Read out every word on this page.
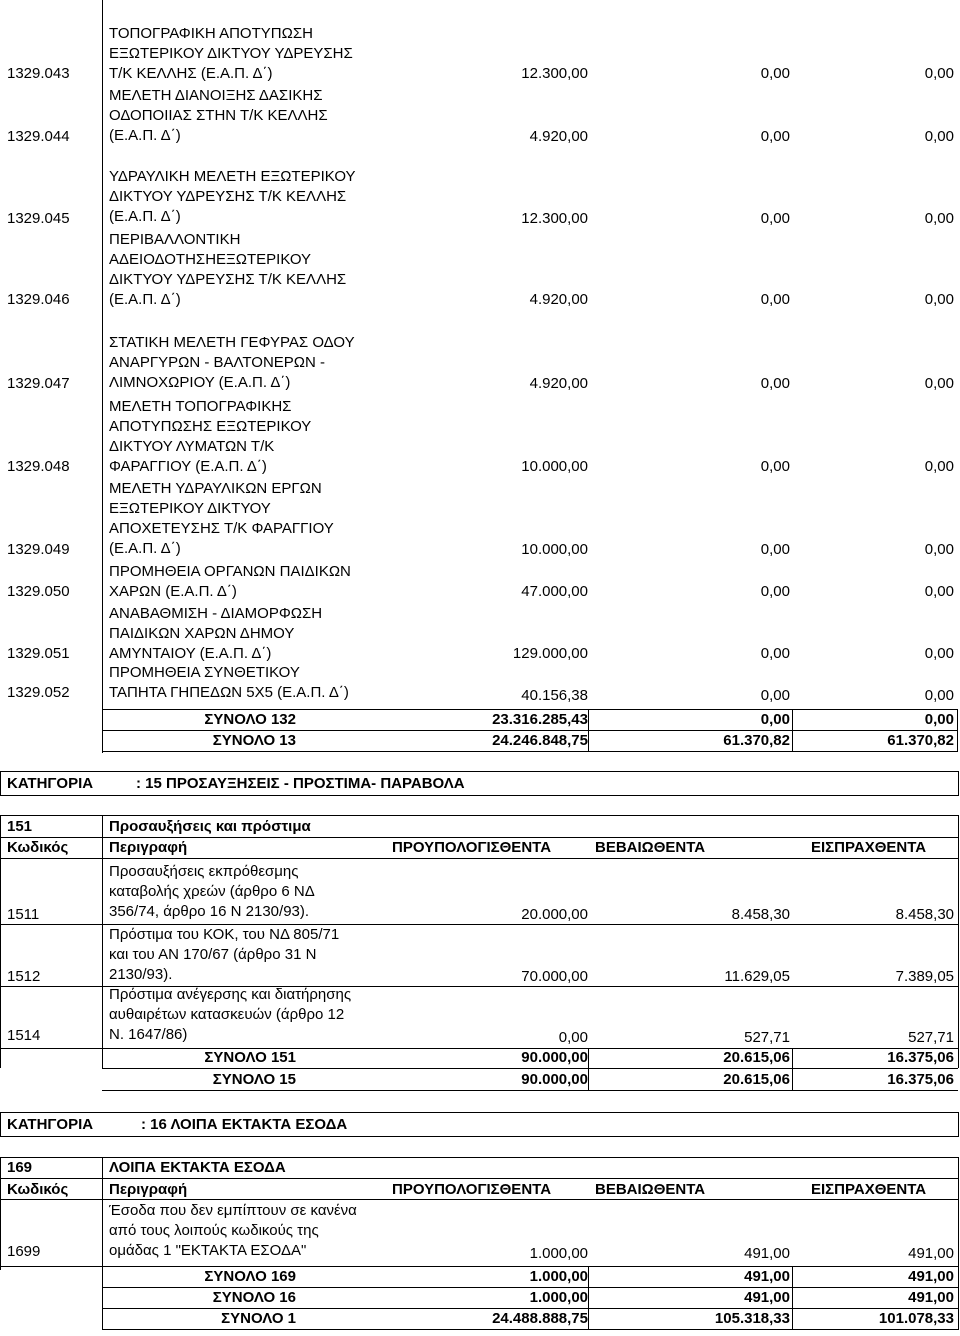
1329.043
ΤΟΠΟΓΡΑΦΙΚΗ ΑΠΟΤΥΠΩΣΗ
ΕΞΩΤΕΡΙΚΟΥ ΔΙΚΤΥΟΥ ΥΔΡΕΥΣΗΣ
Τ/Κ ΚΕΛΛΗΣ (Ε.Α.Π. Δ΄)	12.300,00	0,00	0,00
1329.044
ΜΕΛΕΤΗ ΔΙΑΝΟΙΞΗΣ ΔΑΣΙΚΗΣ
ΟΔΟΠΟΙΙΑΣ ΣΤΗΝ Τ/Κ ΚΕΛΛΗΣ
(Ε.Α.Π. Δ΄)	4.920,00	0,00	0,00
1329.045
ΥΔΡΑΥΛΙΚΗ ΜΕΛΕΤΗ ΕΞΩΤΕΡΙΚΟΥ
ΔΙΚΤΥΟΥ ΥΔΡΕΥΣΗΣ Τ/Κ ΚΕΛΛΗΣ
(Ε.Α.Π. Δ΄)	12.300,00	0,00	0,00
1329.046
ΠΕΡΙΒΑΛΛΟΝΤΙΚΗ
ΑΔΕΙΟΔΟΤΗΣΗΕΞΩΤΕΡΙΚΟΥ
ΔΙΚΤΥΟΥ ΥΔΡΕΥΣΗΣ Τ/Κ ΚΕΛΛΗΣ
(Ε.Α.Π. Δ΄)	4.920,00	0,00	0,00
1329.047
ΣΤΑΤΙΚΗ ΜΕΛΕΤΗ ΓΕΦΥΡΑΣ ΟΔΟΥ
ΑΝΑΡΓΥΡΩΝ - ΒΑΛΤΟΝΕΡΩΝ -
ΛΙΜΝΟΧΩΡΙΟΥ (Ε.Α.Π. Δ΄)	4.920,00	0,00	0,00
1329.048
ΜΕΛΕΤΗ ΤΟΠΟΓΡΑΦΙΚΗΣ
ΑΠΟΤΥΠΩΣΗΣ ΕΞΩΤΕΡΙΚΟΥ
ΔΙΚΤΥΟΥ ΛΥΜΑΤΩΝ Τ/Κ
ΦΑΡΑΓΓΙΟΥ (Ε.Α.Π. Δ΄)	10.000,00	0,00	0,00
1329.049
ΜΕΛΕΤΗ ΥΔΡΑΥΛΙΚΩΝ ΕΡΓΩΝ
ΕΞΩΤΕΡΙΚΟΥ ΔΙΚΤΥΟΥ
ΑΠΟΧΕΤΕΥΣΗΣ Τ/Κ ΦΑΡΑΓΓΙΟΥ
(Ε.Α.Π. Δ΄)	10.000,00	0,00	0,00
1329.050
ΠΡΟΜΗΘΕΙΑ ΟΡΓΑΝΩΝ ΠΑΙΔΙΚΩΝ
ΧΑΡΩΝ (Ε.Α.Π. Δ΄)	47.000,00	0,00	0,00
1329.051
ΑΝΑΒΑΘΜΙΣΗ - ΔΙΑΜΟΡΦΩΣΗ
ΠΑΙΔΙΚΩΝ ΧΑΡΩΝ ΔΗΜΟΥ
ΑΜΥΝΤΑΙΟΥ (Ε.Α.Π. Δ΄)	129.000,00	0,00	0,00
1329.052
ΠΡΟΜΗΘΕΙΑ ΣΥΝΘΕΤΙΚΟΥ
ΤΑΠΗΤΑ ΓΗΠΕΔΩΝ 5Χ5 (Ε.Α.Π. Δ΄)	40.156,38	0,00	0,00
ΣΥΝΟΛΟ 132	23.316.285,43	0,00	0,00
ΣΥΝΟΛΟ 13	24.246.848,75	61.370,82	61.370,82
ΚΑΤΗΓΟΡΙΑ	: 15 ΠΡΟΣΑΥΞΗΣΕΙΣ - ΠΡΟΣΤΙΜΑ- ΠΑΡΑΒΟΛΑ
151	Προσαυξήσεις και πρόστιμα
Κωδικός	Περιγραφή	ΠΡΟΥΠΟΛΟΓΙΣΘΕΝΤΑ	ΒΕΒΑΙΩΘΕΝΤΑ	ΕΙΣΠΡΑΧΘΕΝΤΑ
1511
Προσαυξήσεις εκπρόθεσμης
καταβολής χρεών (άρθρο 6 ΝΔ
356/74, άρθρο 16 Ν 2130/93).	20.000,00	8.458,30	8.458,30
1512
Πρόστιμα του ΚΟΚ, του ΝΔ 805/71
και του ΑΝ 170/67 (άρθρο 31 Ν
2130/93).	70.000,00	11.629,05	7.389,05
1514
Πρόστιμα ανέγερσης και διατήρησης
αυθαιρέτων κατασκευών (άρθρο 12
Ν. 1647/86)	0,00	527,71	527,71
ΣΥΝΟΛΟ 151	90.000,00	20.615,06	16.375,06
ΣΥΝΟΛΟ 15	90.000,00	20.615,06	16.375,06
ΚΑΤΗΓΟΡΙΑ	: 16 ΛΟΙΠΑ ΕΚΤΑΚΤΑ ΕΣΟΔΑ
169	ΛΟΙΠΑ ΕΚΤΑΚΤΑ ΕΣΟΔΑ
Κωδικός	Περιγραφή	ΠΡΟΥΠΟΛΟΓΙΣΘΕΝΤΑ	ΒΕΒΑΙΩΘΕΝΤΑ	ΕΙΣΠΡΑΧΘΕΝΤΑ
1699
Έσοδα που δεν εμπίπτουν σε κανένα
από τους λοιπούς κωδικούς της
ομάδας 1 "ΕΚΤΑΚΤΑ ΕΣΟΔΑ"	1.000,00	491,00	491,00
ΣΥΝΟΛΟ 169	1.000,00	491,00	491,00
ΣΥΝΟΛΟ 16	1.000,00	491,00	491,00
ΣΥΝΟΛΟ 1	24.488.888,75	105.318,33	101.078,33
